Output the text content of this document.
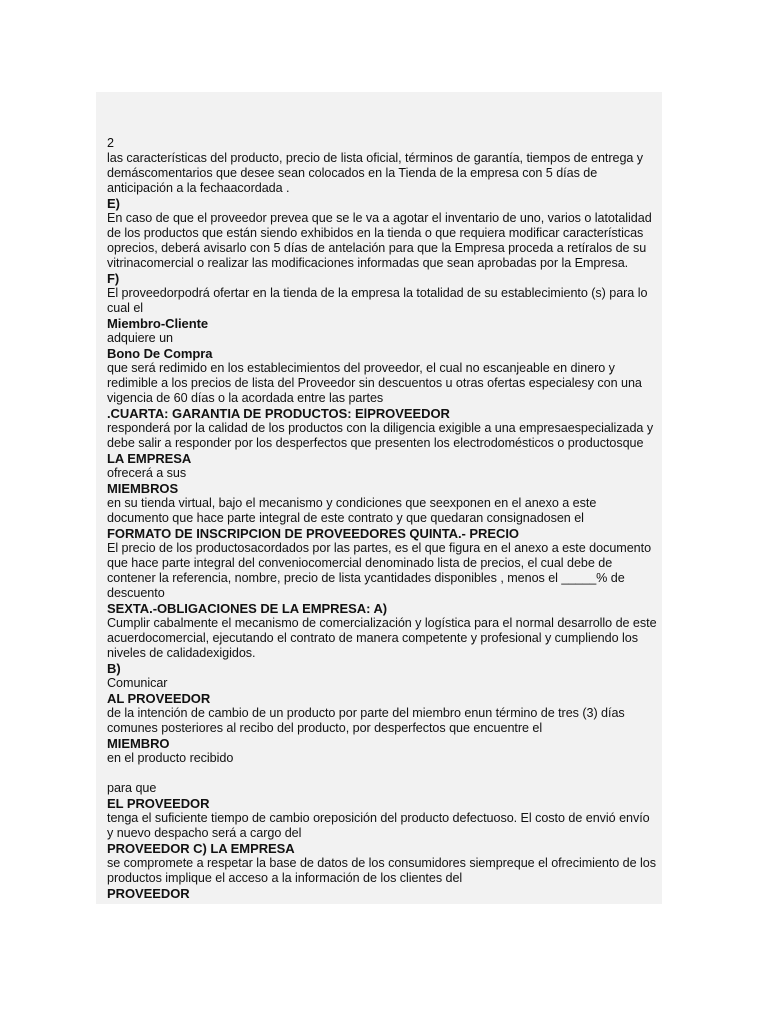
2
las características del producto, precio de lista oficial, términos de garantía, tiempos de entrega y
demáscomentarios que desee sean colocados en la Tienda de la empresa con 5 días de
anticipación a la fechaacordada .
E)
En caso de que el proveedor prevea que se le va a agotar el inventario de uno, varios o latotalidad
de los productos que están siendo exhibidos en la tienda o que requiera modificar características
oprecios, deberá avisarlo con 5 días de antelación para que la Empresa proceda a retíralos de su
vitrinacomercial o realizar las modificaciones informadas que sean aprobadas por la Empresa.
F)
El proveedorpodrá ofertar en la tienda de la empresa la totalidad de su establecimiento (s) para lo
cual el
Miembro-Cliente
adquiere un
Bono De Compra
que será redimido en los establecimientos del proveedor, el cual no escanjeable en dinero y
redimible a los precios de lista del Proveedor sin descuentos u otras ofertas especialesy con una
vigencia de 60 días o la acordada entre las partes
.CUARTA: GARANTIA DE PRODUCTOS: ElPROVEEDOR
responderá por la calidad de los productos con la diligencia exigible a una empresaespecializada y
debe salir a responder por los desperfectos que presenten los electrodomésticos o productosque
LA EMPRESA
ofrecerá a sus
MIEMBROS
en su tienda virtual, bajo el mecanismo y condiciones que seexponen en el anexo a este
documento que hace parte integral de este contrato y que quedaran consignadosen el
FORMATO DE INSCRIPCION DE PROVEEDORES QUINTA.- PRECIO
El precio de los productosacordados por las partes, es el que figura en el anexo a este documento
que hace parte integral del conveniocomercial denominado lista de precios, el cual debe de
contener la referencia, nombre, precio de lista ycantidades disponibles , menos el _____% de
descuento
SEXTA.-OBLIGACIONES DE LA EMPRESA: A)
Cumplir cabalmente el mecanismo de comercialización y logística para el normal desarrollo de este
acuerdocomercial, ejecutando el contrato de manera competente y profesional y cumpliendo los
niveles de calidadexigidos.
B)
Comunicar
AL PROVEEDOR
de la intención de cambio de un producto por parte del miembro enun término de tres (3) días
comunes posteriores al recibo del producto, por desperfectos que encuentre el
MIEMBRO
en el producto recibido
para que
EL PROVEEDOR
tenga el suficiente tiempo de cambio oreposición del producto defectuoso. El costo de envió envío
y nuevo despacho será a cargo del
PROVEEDOR C) LA EMPRESA
se compromete a respetar la base de datos de los consumidores siempreque el ofrecimiento de los
productos implique el acceso a la información de los clientes del
PROVEEDOR
